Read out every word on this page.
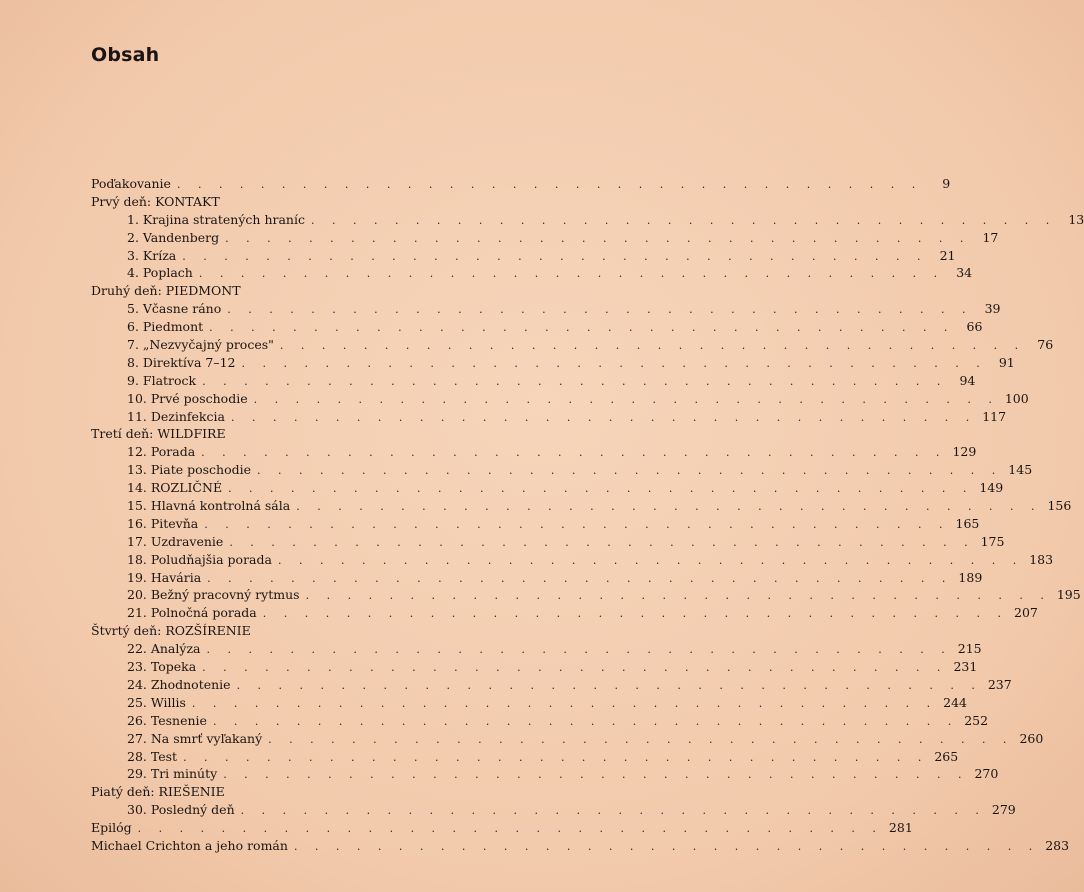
Obsah
Poďakovanie . . . . . . . . . . . . . . . . . . . . . . . . . . . . . . . . . . . .	9
Prvý deň: KONTAKT
1. Krajina stratených hraníc . . . . . . . . . . . . . . . . . . . . . . . . . . . . . . . . . . . . 13
2. Vandenberg . . . . . . . . . . . . . . . . . . . . . . . . . . . . . . . . . . . . 17
3. Kríza . . . . . . . . . . . . . . . . . . . . . . . . . . . . . . . . . . . . 21
4. Poplach . . . . . . . . . . . . . . . . . . . . . . . . . . . . . . . . . . . . 34
Druhý deň: PIEDMONT
5. Včasne ráno . . . . . . . . . . . . . . . . . . . . . . . . . . . . . . . . . . . . 39
6. Piedmont . . . . . . . . . . . . . . . . . . . . . . . . . . . . . . . . . . . . 66
7. „Nezvyčajný proces" . . . . . . . . . . . . . . . . . . . . . . . . . . . . . . . . . . . . 76
8. Direktíva 7–12 . . . . . . . . . . . . . . . . . . . . . . . . . . . . . . . . . . . . 91
9. Flatrock . . . . . . . . . . . . . . . . . . . . . . . . . . . . . . . . . . . . 94
10. Prvé poschodie . . . . . . . . . . . . . . . . . . . . . . . . . . . . . . . . . . . . 100
11. Dezinfekcia . . . . . . . . . . . . . . . . . . . . . . . . . . . . . . . . . . . . 117
Tretí deň: WILDFIRE
12. Porada . . . . . . . . . . . . . . . . . . . . . . . . . . . . . . . . . . . . 129
13. Piate poschodie . . . . . . . . . . . . . . . . . . . . . . . . . . . . . . . . . . . . 145
14. ROZLIČNÉ . . . . . . . . . . . . . . . . . . . . . . . . . . . . . . . . . . . . 149
15. Hlavná kontrolná sála . . . . . . . . . . . . . . . . . . . . . . . . . . . . . . . . . . . . 156
16. Pitevňa . . . . . . . . . . . . . . . . . . . . . . . . . . . . . . . . . . . . 165
17. Uzdravenie . . . . . . . . . . . . . . . . . . . . . . . . . . . . . . . . . . . . 175
18. Poludňajšia porada . . . . . . . . . . . . . . . . . . . . . . . . . . . . . . . . . . . . 183
19. Havária . . . . . . . . . . . . . . . . . . . . . . . . . . . . . . . . . . . . 189
20. Bežný pracovný rytmus . . . . . . . . . . . . . . . . . . . . . . . . . . . . . . . . . . . . 195
21. Polnočná porada . . . . . . . . . . . . . . . . . . . . . . . . . . . . . . . . . . . . 207
Štvrtý deň: ROZŠÍRENIE
22. Analýza . . . . . . . . . . . . . . . . . . . . . . . . . . . . . . . . . . . . 215
23. Topeka . . . . . . . . . . . . . . . . . . . . . . . . . . . . . . . . . . . . 231
24. Zhodnotenie . . . . . . . . . . . . . . . . . . . . . . . . . . . . . . . . . . . . 237
25. Willis . . . . . . . . . . . . . . . . . . . . . . . . . . . . . . . . . . . . 244
26. Tesnenie . . . . . . . . . . . . . . . . . . . . . . . . . . . . . . . . . . . . 252
27. Na smrť vyľakaný . . . . . . . . . . . . . . . . . . . . . . . . . . . . . . . . . . . . 260
28. Test . . . . . . . . . . . . . . . . . . . . . . . . . . . . . . . . . . . . 265
29. Tri minúty . . . . . . . . . . . . . . . . . . . . . . . . . . . . . . . . . . . . 270
Piatý deň: RIEŠENIE
30. Posledný deň . . . . . . . . . . . . . . . . . . . . . . . . . . . . . . . . . . . . 279
Epilóg . . . . . . . . . . . . . . . . . . . . . . . . . . . . . . . . . . . . 281
Michael Crichton a jeho román . . . . . . . . . . . . . . . . . . . . . . . . . . . . . . . . . . . . 283
